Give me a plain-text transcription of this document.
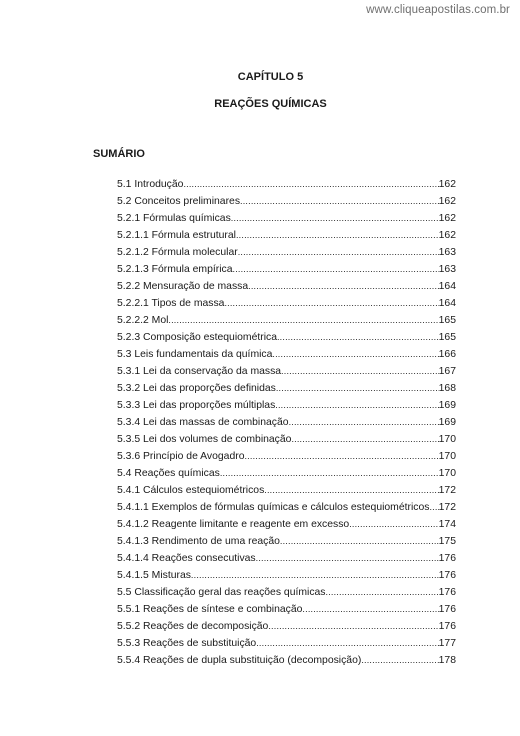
www.cliqueapostilas.com.br
CAPÍTULO 5
REAÇÕES QUÍMICAS
SUMÁRIO
5.1 Introdução .....	162
5.2 Conceitos preliminares .....	162
5.2.1 Fórmulas químicas .....	162
5.2.1.1 Fórmula estrutural .....	162
5.2.1.2 Fórmula molecular .....	163
5.2.1.3 Fórmula empírica .....	163
5.2.2 Mensuração de massa .....	164
5.2.2.1 Tipos de massa .....	164
5.2.2.2 Mol .....	165
5.2.3 Composição estequiométrica .....	165
5.3 Leis fundamentais da química .....	166
5.3.1 Lei da conservação da massa .....	167
5.3.2 Lei das proporções definidas .....	168
5.3.3 Lei das proporções múltiplas .....	169
5.3.4 Lei das massas de combinação .....	169
5.3.5 Lei dos volumes de combinação .....	170
5.3.6 Princípio de Avogadro .....	170
5.4 Reações químicas .....	170
5.4.1 Cálculos estequiométricos .....	172
5.4.1.1 Exemplos de fórmulas químicas e cálculos estequiométricos ..... 172
5.4.1.2 Reagente limitante e reagente em excesso .....	174
5.4.1.3 Rendimento de uma reação .....	175
5.4.1.4 Reações consecutivas .....	176
5.4.1.5 Misturas .....	176
5.5 Classificação geral das reações químicas .....	176
5.5.1 Reações de síntese e combinação .....	176
5.5.2 Reações de decomposição .....	176
5.5.3 Reações de substituição .....	177
5.5.4 Reações de dupla substituição (decomposição) .....	178
